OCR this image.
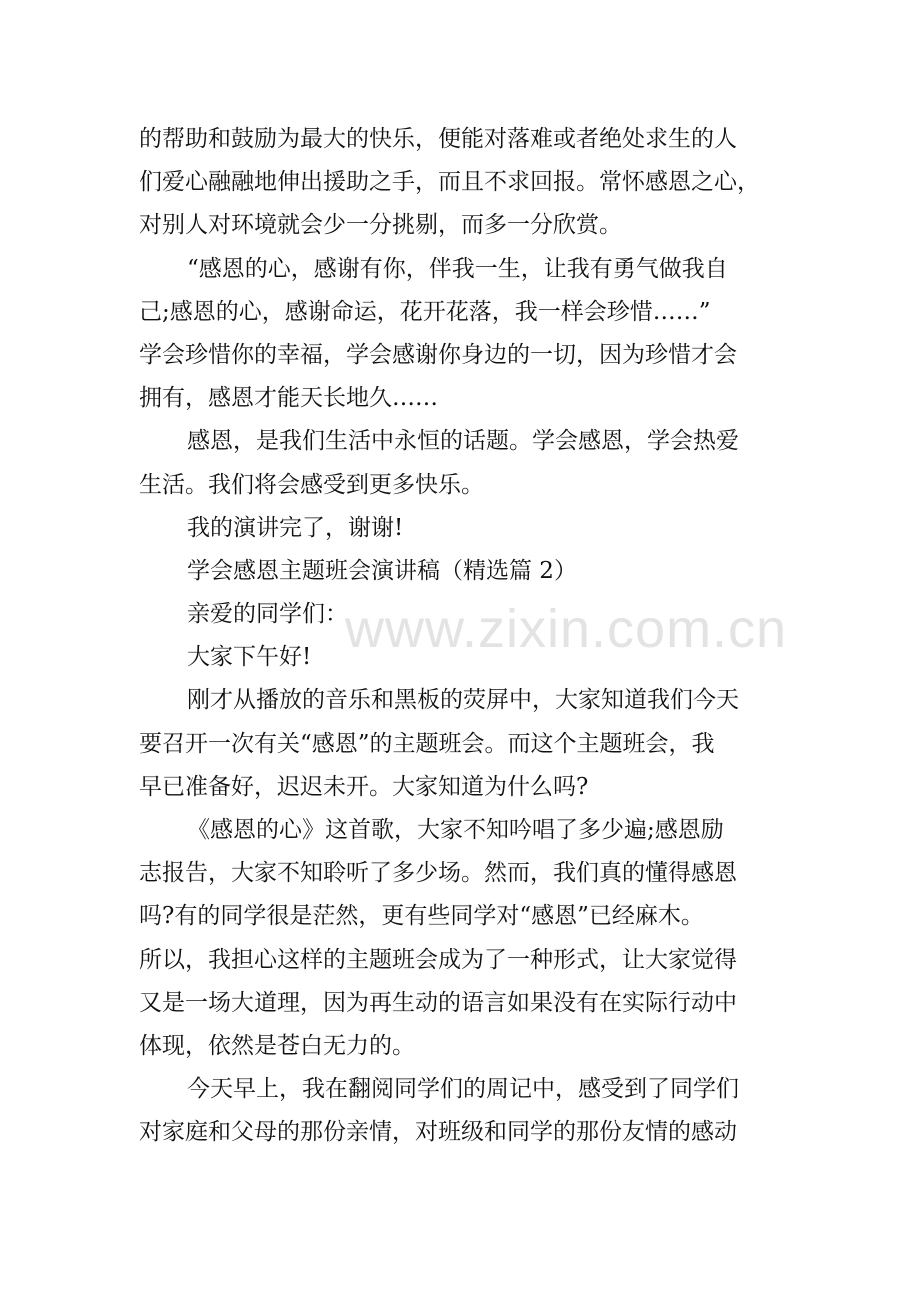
www.zixin.com.cn
的帮助和鼓励为最大的快乐，便能对落难或者绝处求生的人
们爱心融融地伸出援助之手，而且不求回报。常怀感恩之心，
对别人对环境就会少一分挑剔，而多一分欣赏。
“感恩的心，感谢有你，伴我一生，让我有勇气做我自
己;感恩的心，感谢命运，花开花落，我一样会珍惜……”
学会珍惜你的幸福，学会感谢你身边的一切，因为珍惜才会
拥有，感恩才能天长地久……
感恩，是我们生活中永恒的话题。学会感恩，学会热爱
生活。我们将会感受到更多快乐。
我的演讲完了，谢谢!
学会感恩主题班会演讲稿（精选篇 2）
亲爱的同学们：
大家下午好!
刚才从播放的音乐和黑板的荧屏中，大家知道我们今天
要召开一次有关“感恩”的主题班会。而这个主题班会，我
早已准备好，迟迟未开。大家知道为什么吗?
《感恩的心》这首歌，大家不知吟唱了多少遍;感恩励
志报告，大家不知聆听了多少场。然而，我们真的懂得感恩
吗?有的同学很是茫然，更有些同学对“感恩”已经麻木。
所以，我担心这样的主题班会成为了一种形式，让大家觉得
又是一场大道理，因为再生动的语言如果没有在实际行动中
体现，依然是苍白无力的。
今天早上，我在翻阅同学们的周记中，感受到了同学们
对家庭和父母的那份亲情，对班级和同学的那份友情的感动
